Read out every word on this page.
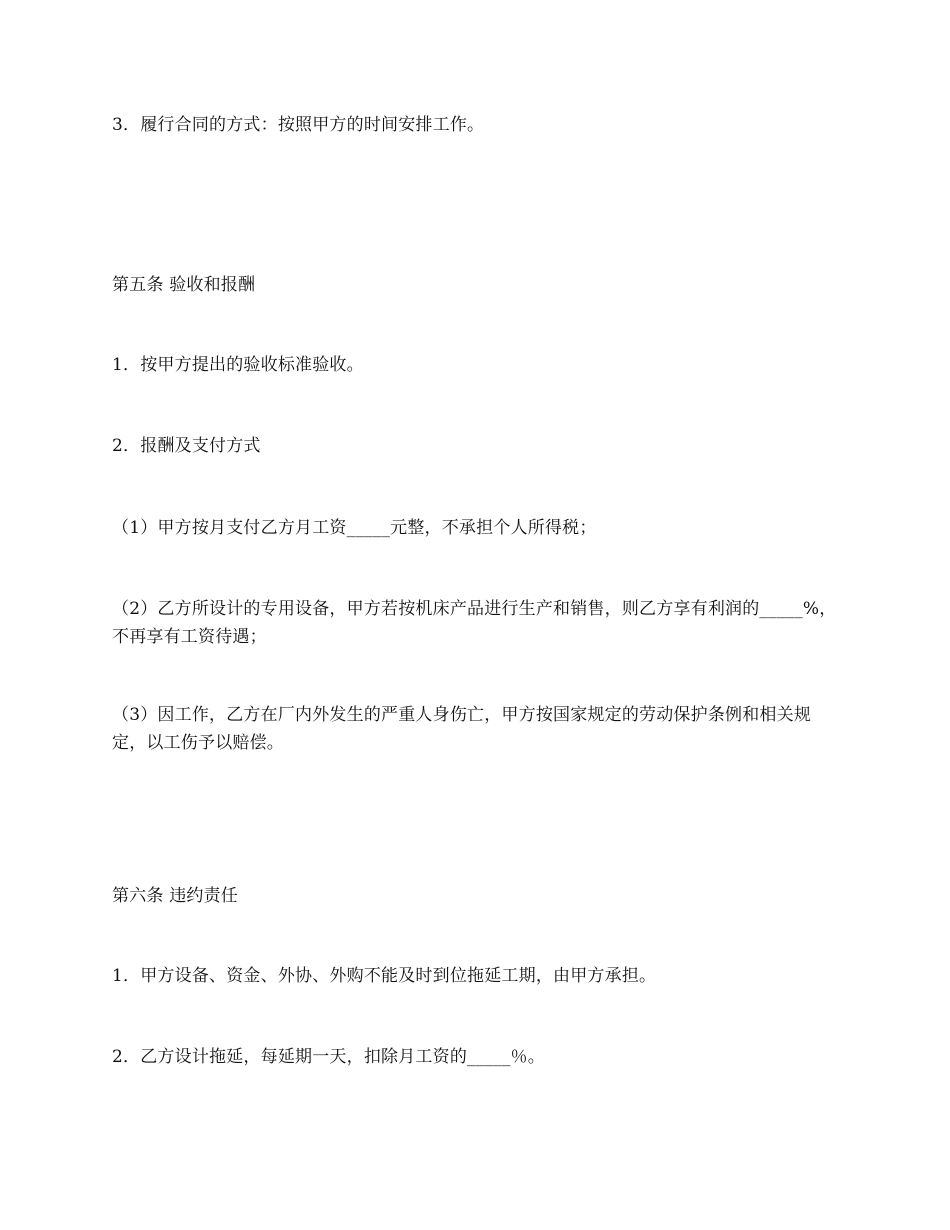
3．履行合同的方式：按照甲方的时间安排工作。
第五条 验收和报酬
1．按甲方提出的验收标准验收。
2．报酬及支付方式
（1）甲方按月支付乙方月工资_____元整，不承担个人所得税；
（2）乙方所设计的专用设备，甲方若按机床产品进行生产和销售，则乙方享有利润的_____%，不再享有工资待遇；
（3）因工作，乙方在厂内外发生的严重人身伤亡，甲方按国家规定的劳动保护条例和相关规定，以工伤予以赔偿。
第六条 违约责任
1．甲方设备、资金、外协、外购不能及时到位拖延工期，由甲方承担。
2．乙方设计拖延，每延期一天，扣除月工资的_____％。
